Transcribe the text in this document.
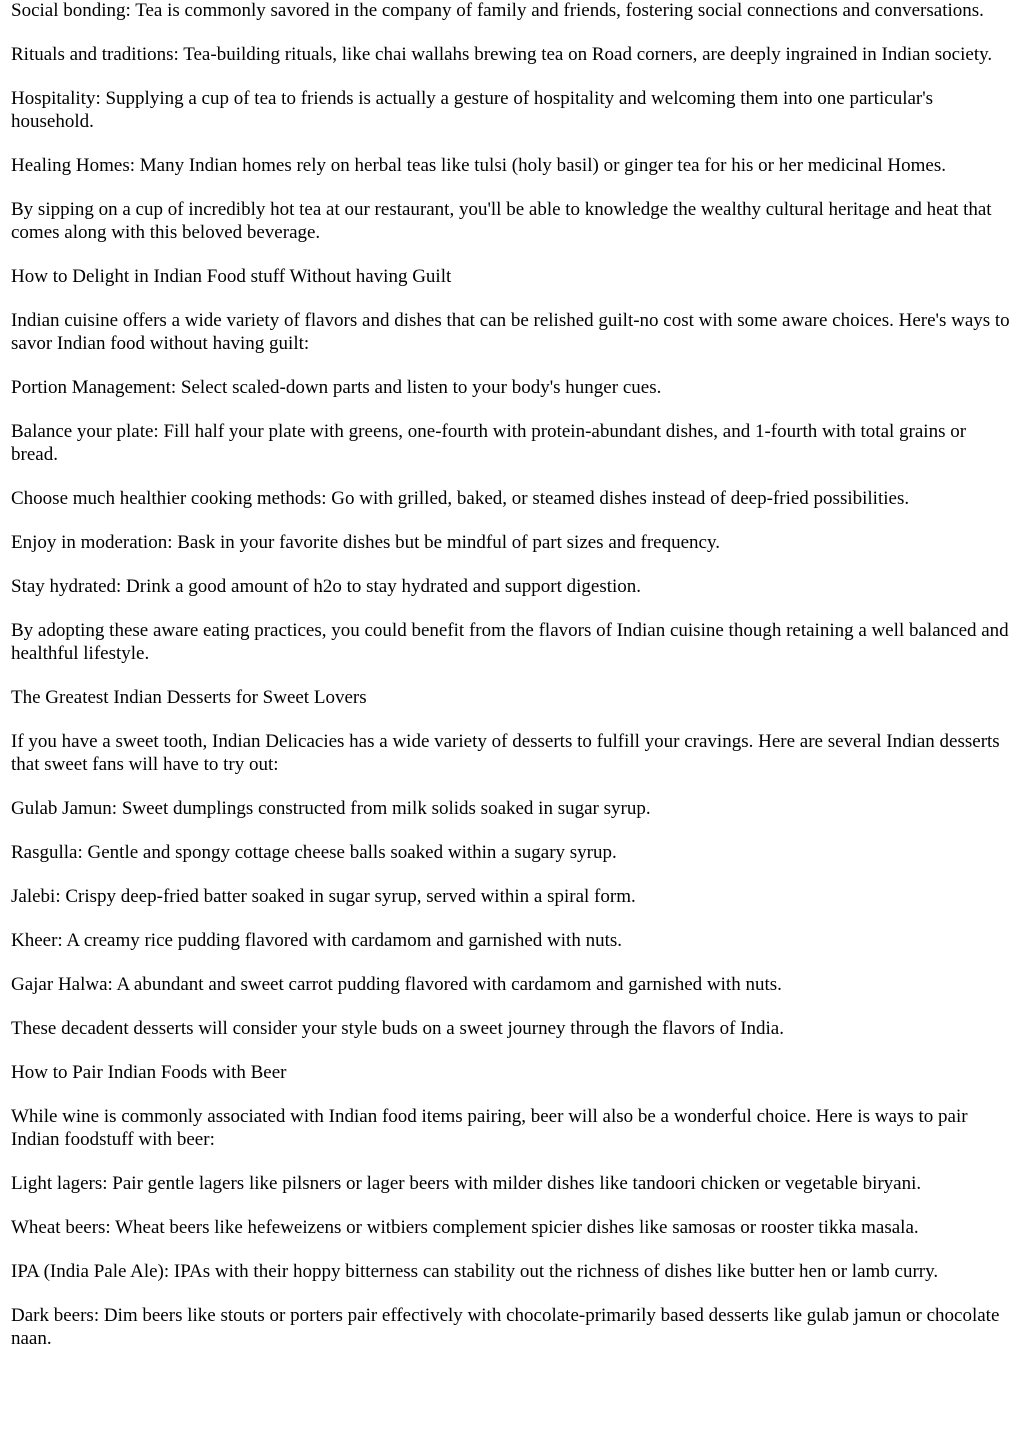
Social bonding: Tea is commonly savored in the company of family and friends, fostering social connections and conversations.

Rituals and traditions: Tea-building rituals, like chai wallahs brewing tea on Road corners, are deeply ingrained in Indian society.

Hospitality: Supplying a cup of tea to friends is actually a gesture of hospitality and welcoming them into one particular's household.

Healing Homes: Many Indian homes rely on herbal teas like tulsi (holy basil) or ginger tea for his or her medicinal Homes.

By sipping on a cup of incredibly hot tea at our restaurant, you'll be able to knowledge the wealthy cultural heritage and heat that comes along with this beloved beverage.

How to Delight in Indian Food stuff Without having Guilt

Indian cuisine offers a wide variety of flavors and dishes that can be relished guilt-no cost with some aware choices. Here's ways to savor Indian food without having guilt:

Portion Management: Select scaled-down parts and listen to your body's hunger cues.

Balance your plate: Fill half your plate with greens, one-fourth with protein-abundant dishes, and 1-fourth with total grains or bread.

Choose much healthier cooking methods: Go with grilled, baked, or steamed dishes instead of deep-fried possibilities.

Enjoy in moderation: Bask in your favorite dishes but be mindful of part sizes and frequency.

Stay hydrated: Drink a good amount of h2o to stay hydrated and support digestion.

By adopting these aware eating practices, you could benefit from the flavors of Indian cuisine though retaining a well balanced and healthful lifestyle.

The Greatest Indian Desserts for Sweet Lovers

If you have a sweet tooth, Indian Delicacies has a wide variety of desserts to fulfill your cravings. Here are several Indian desserts that sweet fans will have to try out:

Gulab Jamun: Sweet dumplings constructed from milk solids soaked in sugar syrup.

Rasgulla: Gentle and spongy cottage cheese balls soaked within a sugary syrup.

Jalebi: Crispy deep-fried batter soaked in sugar syrup, served within a spiral form.

Kheer: A creamy rice pudding flavored with cardamom and garnished with nuts.

Gajar Halwa: A abundant and sweet carrot pudding flavored with cardamom and garnished with nuts.

These decadent desserts will consider your style buds on a sweet journey through the flavors of India.

How to Pair Indian Foods with Beer

While wine is commonly associated with Indian food items pairing, beer will also be a wonderful choice. Here is ways to pair Indian foodstuff with beer:

Light lagers: Pair gentle lagers like pilsners or lager beers with milder dishes like tandoori chicken or vegetable biryani.

Wheat beers: Wheat beers like hefeweizens or witbiers complement spicier dishes like samosas or rooster tikka masala.

IPA (India Pale Ale): IPAs with their hoppy bitterness can stability out the richness of dishes like butter hen or lamb curry.

Dark beers: Dim beers like stouts or porters pair effectively with chocolate-primarily based desserts like gulab jamun or chocolate naan.
